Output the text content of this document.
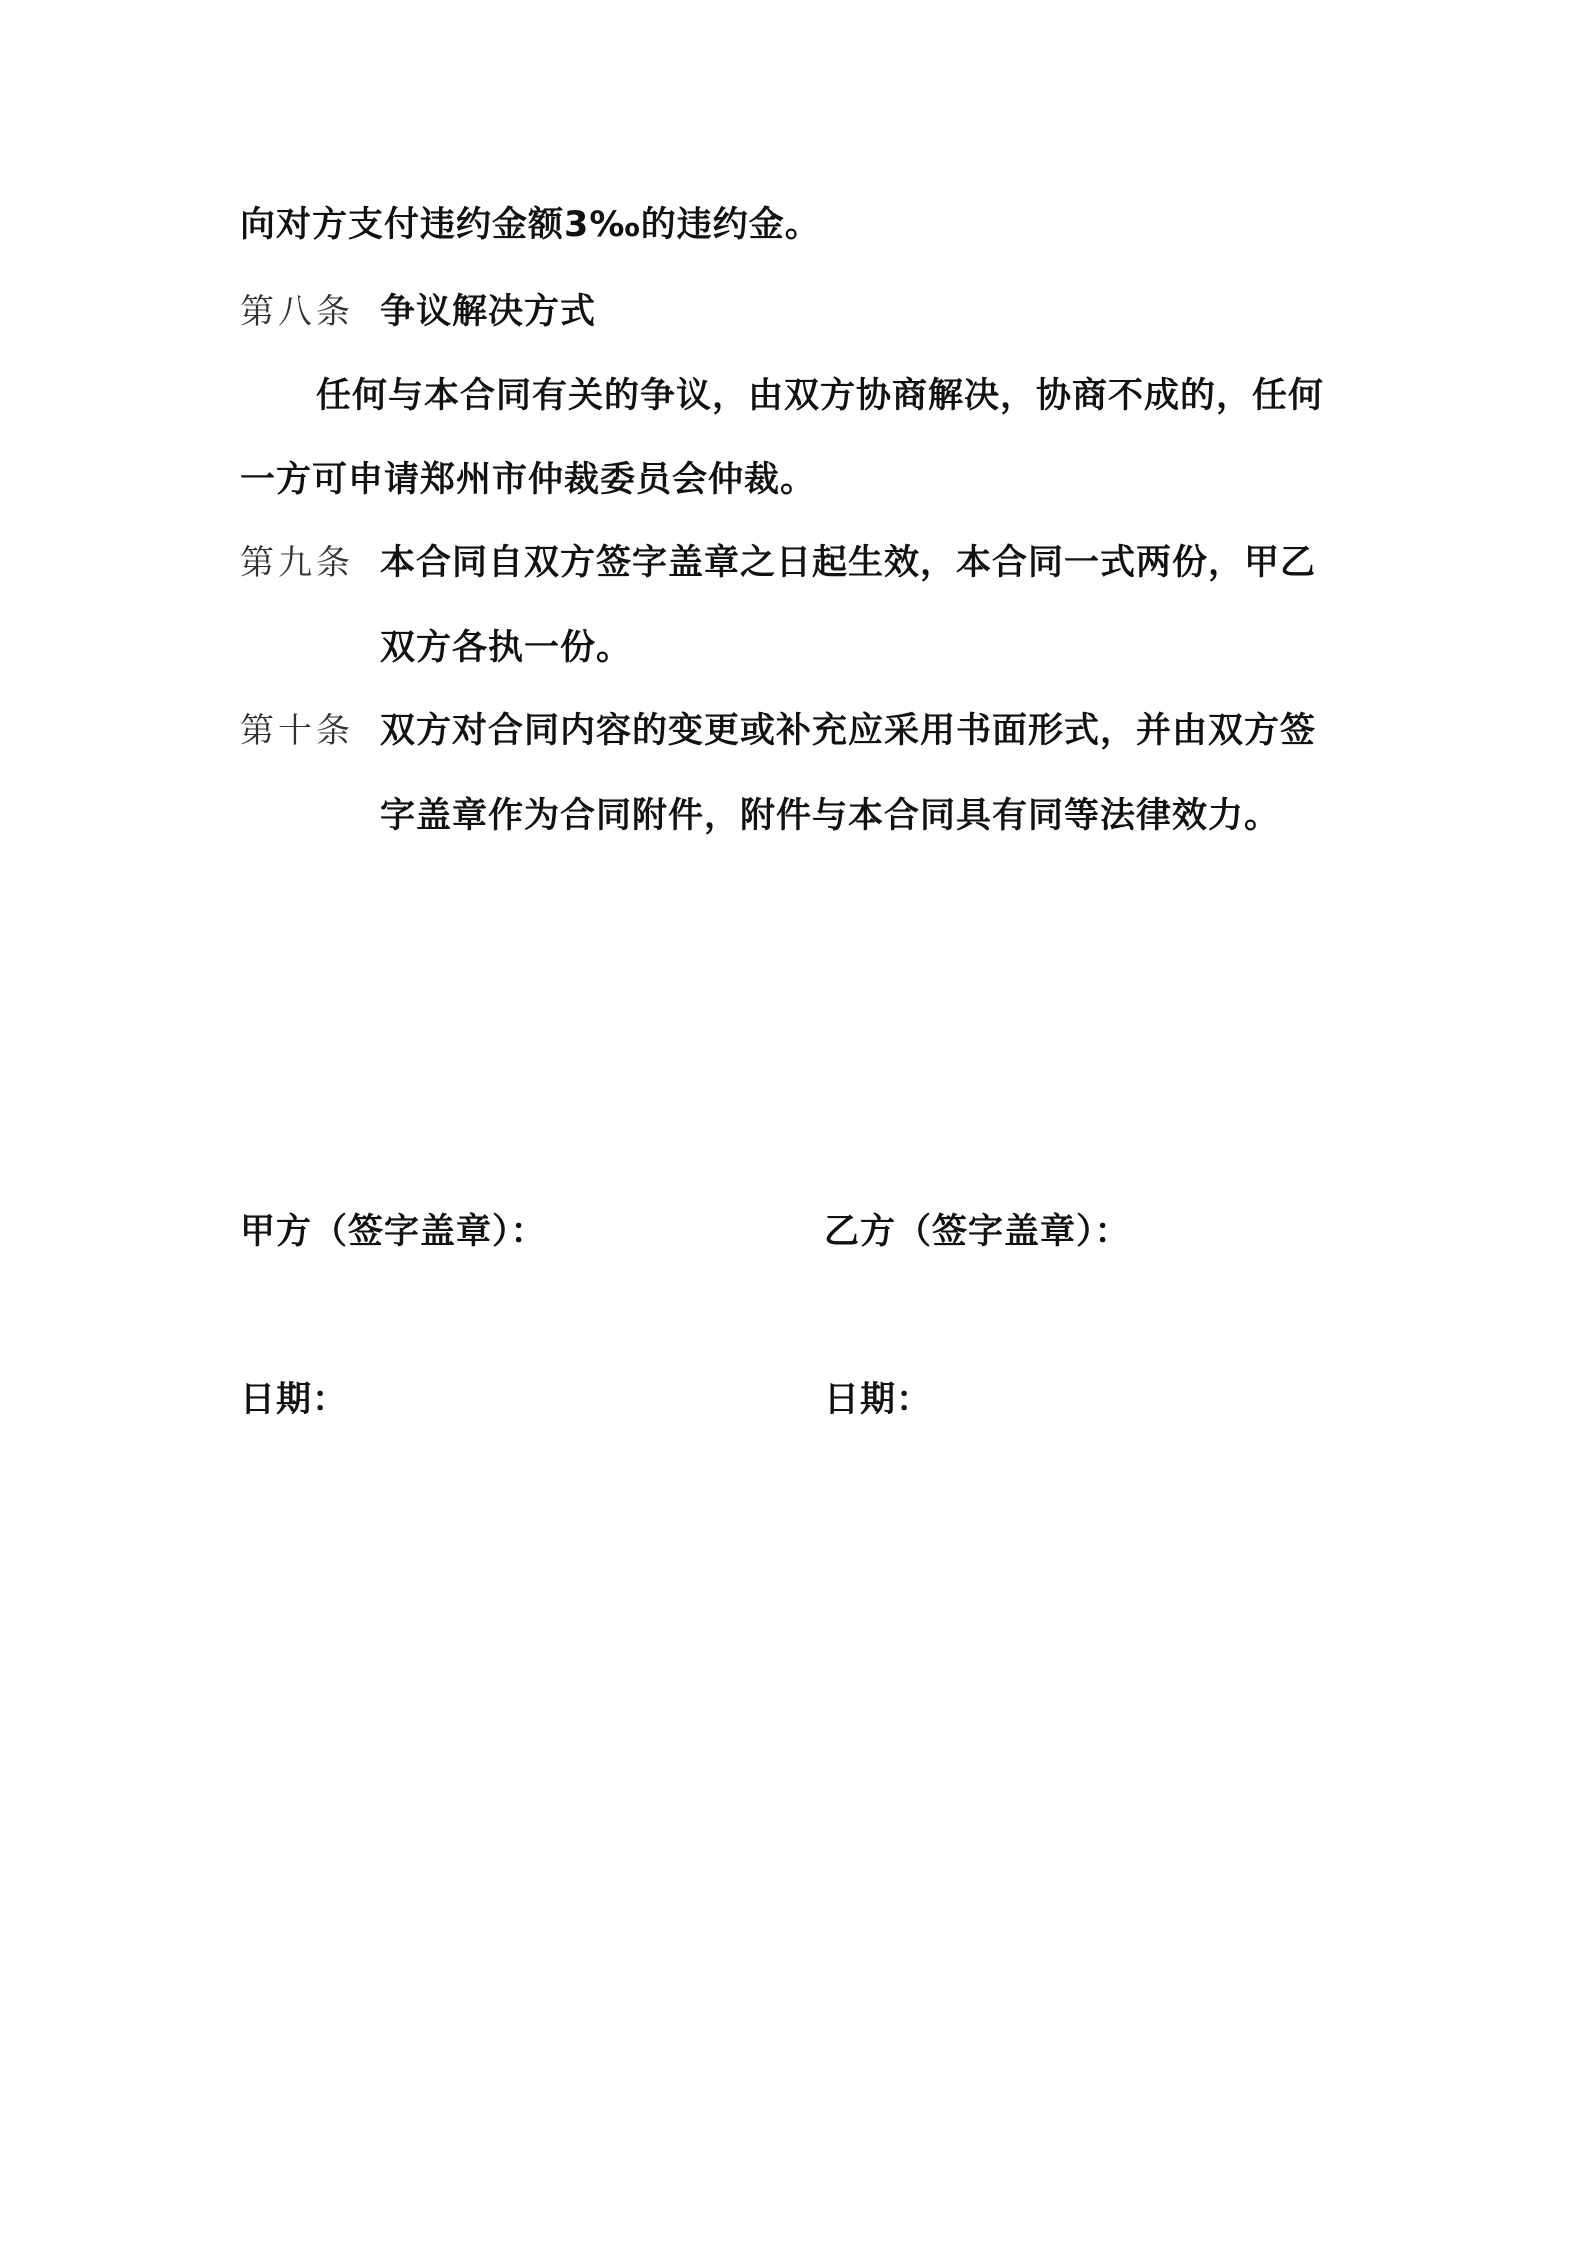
向对方支付违约金额3‰的违约金。
第八条 争议解决方式
任何与本合同有关的争议，由双方协商解决，协商不成的，任何
一方可申请郑州市仲裁委员会仲裁。
第九条 本合同自双方签字盖章之日起生效，本合同一式两份，甲乙
双方各执一份。
第十条 双方对合同内容的变更或补充应采用书面形式，并由双方签
字盖章作为合同附件，附件与本合同具有同等法律效力。
甲方（签字盖章）：	乙方（签字盖章）：
日期：	日期：
